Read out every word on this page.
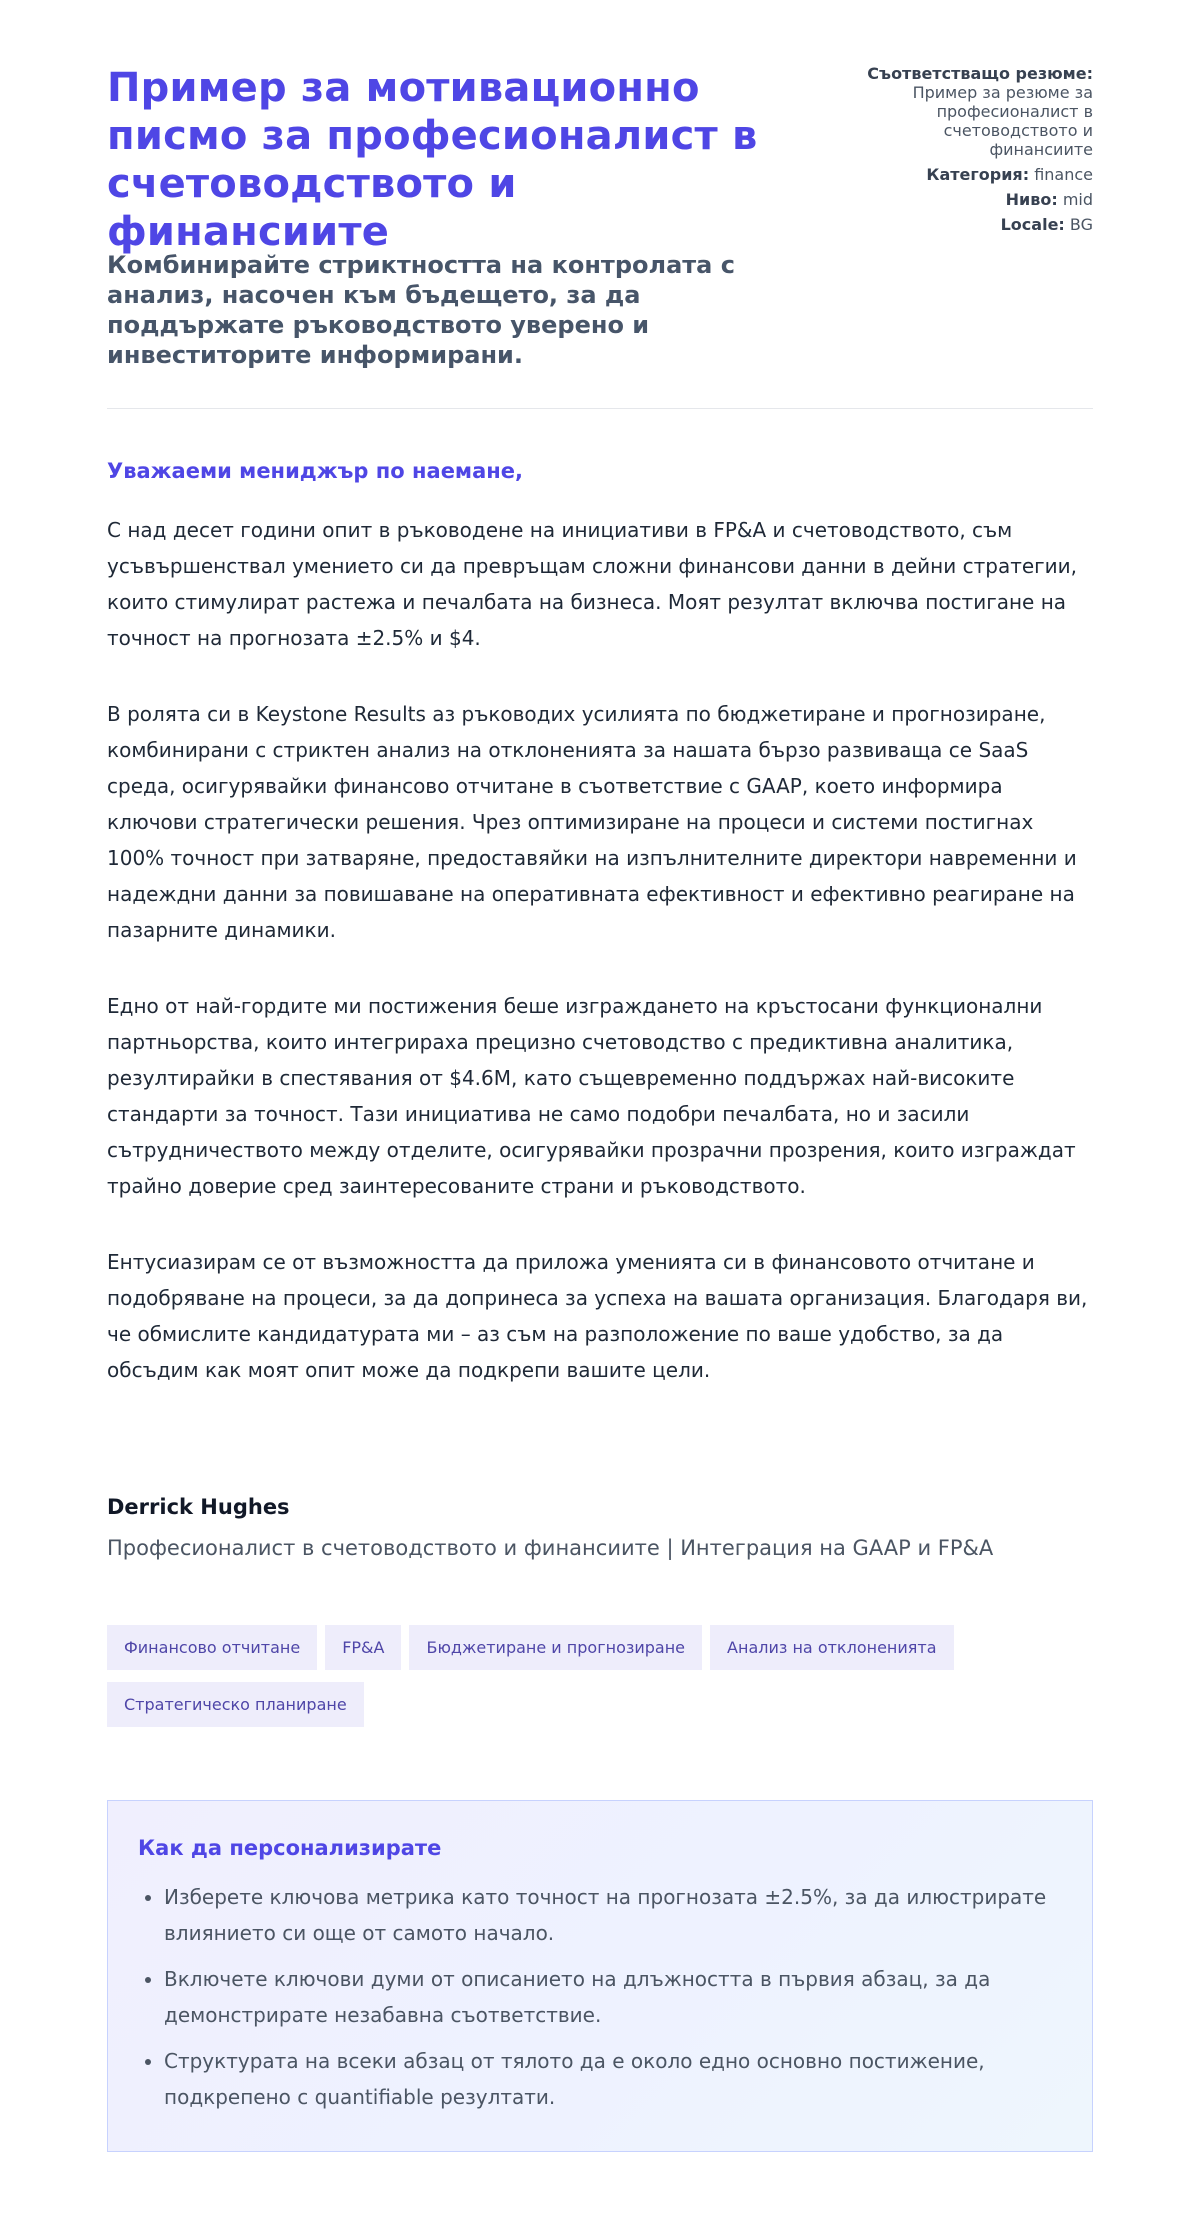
Пример за мотивационно писмо за професионалист в счетоводството и финансиите
Комбинирайте стриктността на контролата с анализ, насочен към бъдещето, за да поддържате ръководството уверено и инвеститорите информирани.
Съответстващо резюме:
Пример за резюме за професионалист в счетоводството и финансиите
Категория: finance
Ниво: mid
Locale: BG
Уважаеми мениджър по наемане,

С над десет години опит в ръководене на инициативи в FP&A и счетоводството, съм усъвършенствал умението си да превръщам сложни финансови данни в дейни стратегии, които стимулират растежа и печалбата на бизнеса. Моят резултат включва постигане на точност на прогнозата ±2.5% и $4.

В ролята си в Keystone Results аз ръководих усилията по бюджетиране и прогнозиране, комбинирани с стриктен анализ на отклоненията за нашата бързо развиваща се SaaS среда, осигурявайки финансово отчитане в съответствие с GAAP, което информира ключови стратегически решения. Чрез оптимизиране на процеси и системи постигнах 100% точност при затваряне, предоставяйки на изпълнителните директори навременни и надеждни данни за повишаване на оперативната ефективност и ефективно реагиране на пазарните динамики.

Едно от най-гордите ми постижения беше изграждането на кръстосани функционални партньорства, които интегрираха прецизно счетоводство с предиктивна аналитика, резултирайки в спестявания от $4.6M, като същевременно поддържах най-високите стандарти за точност. Тази инициатива не само подобри печалбата, но и засили сътрудничеството между отделите, осигурявайки прозрачни прозрения, които изграждат трайно доверие сред заинтересованите страни и ръководството.

Ентусиазирам се от възможността да приложа уменията си в финансовото отчитане и подобряване на процеси, за да допринеса за успеха на вашата организация. Благодаря ви, че обмислите кандидатурата ми – аз съм на разположение по ваше удобство, за да обсъдим как моят опит може да подкрепи вашите цели.

Derrick Hughes
Професионалист в счетоводството и финансиите | Интеграция на GAAP и FP&A
Финансово отчитане	FP&A	Бюджетиране и прогнозиране	Анализ на отклоненията
Стратегическо планиране
Как да персонализирате
• Изберете ключова метрика като точност на прогнозата ±2.5%, за да илюстрирате влиянието си още от самото начало.
• Включете ключови думи от описанието на длъжността в първия абзац, за да демонстрирате незабавна съответствие.
• Структурата на всеки абзац от тялото да е около едно основно постижение, подкрепено с quantifiable резултати.
